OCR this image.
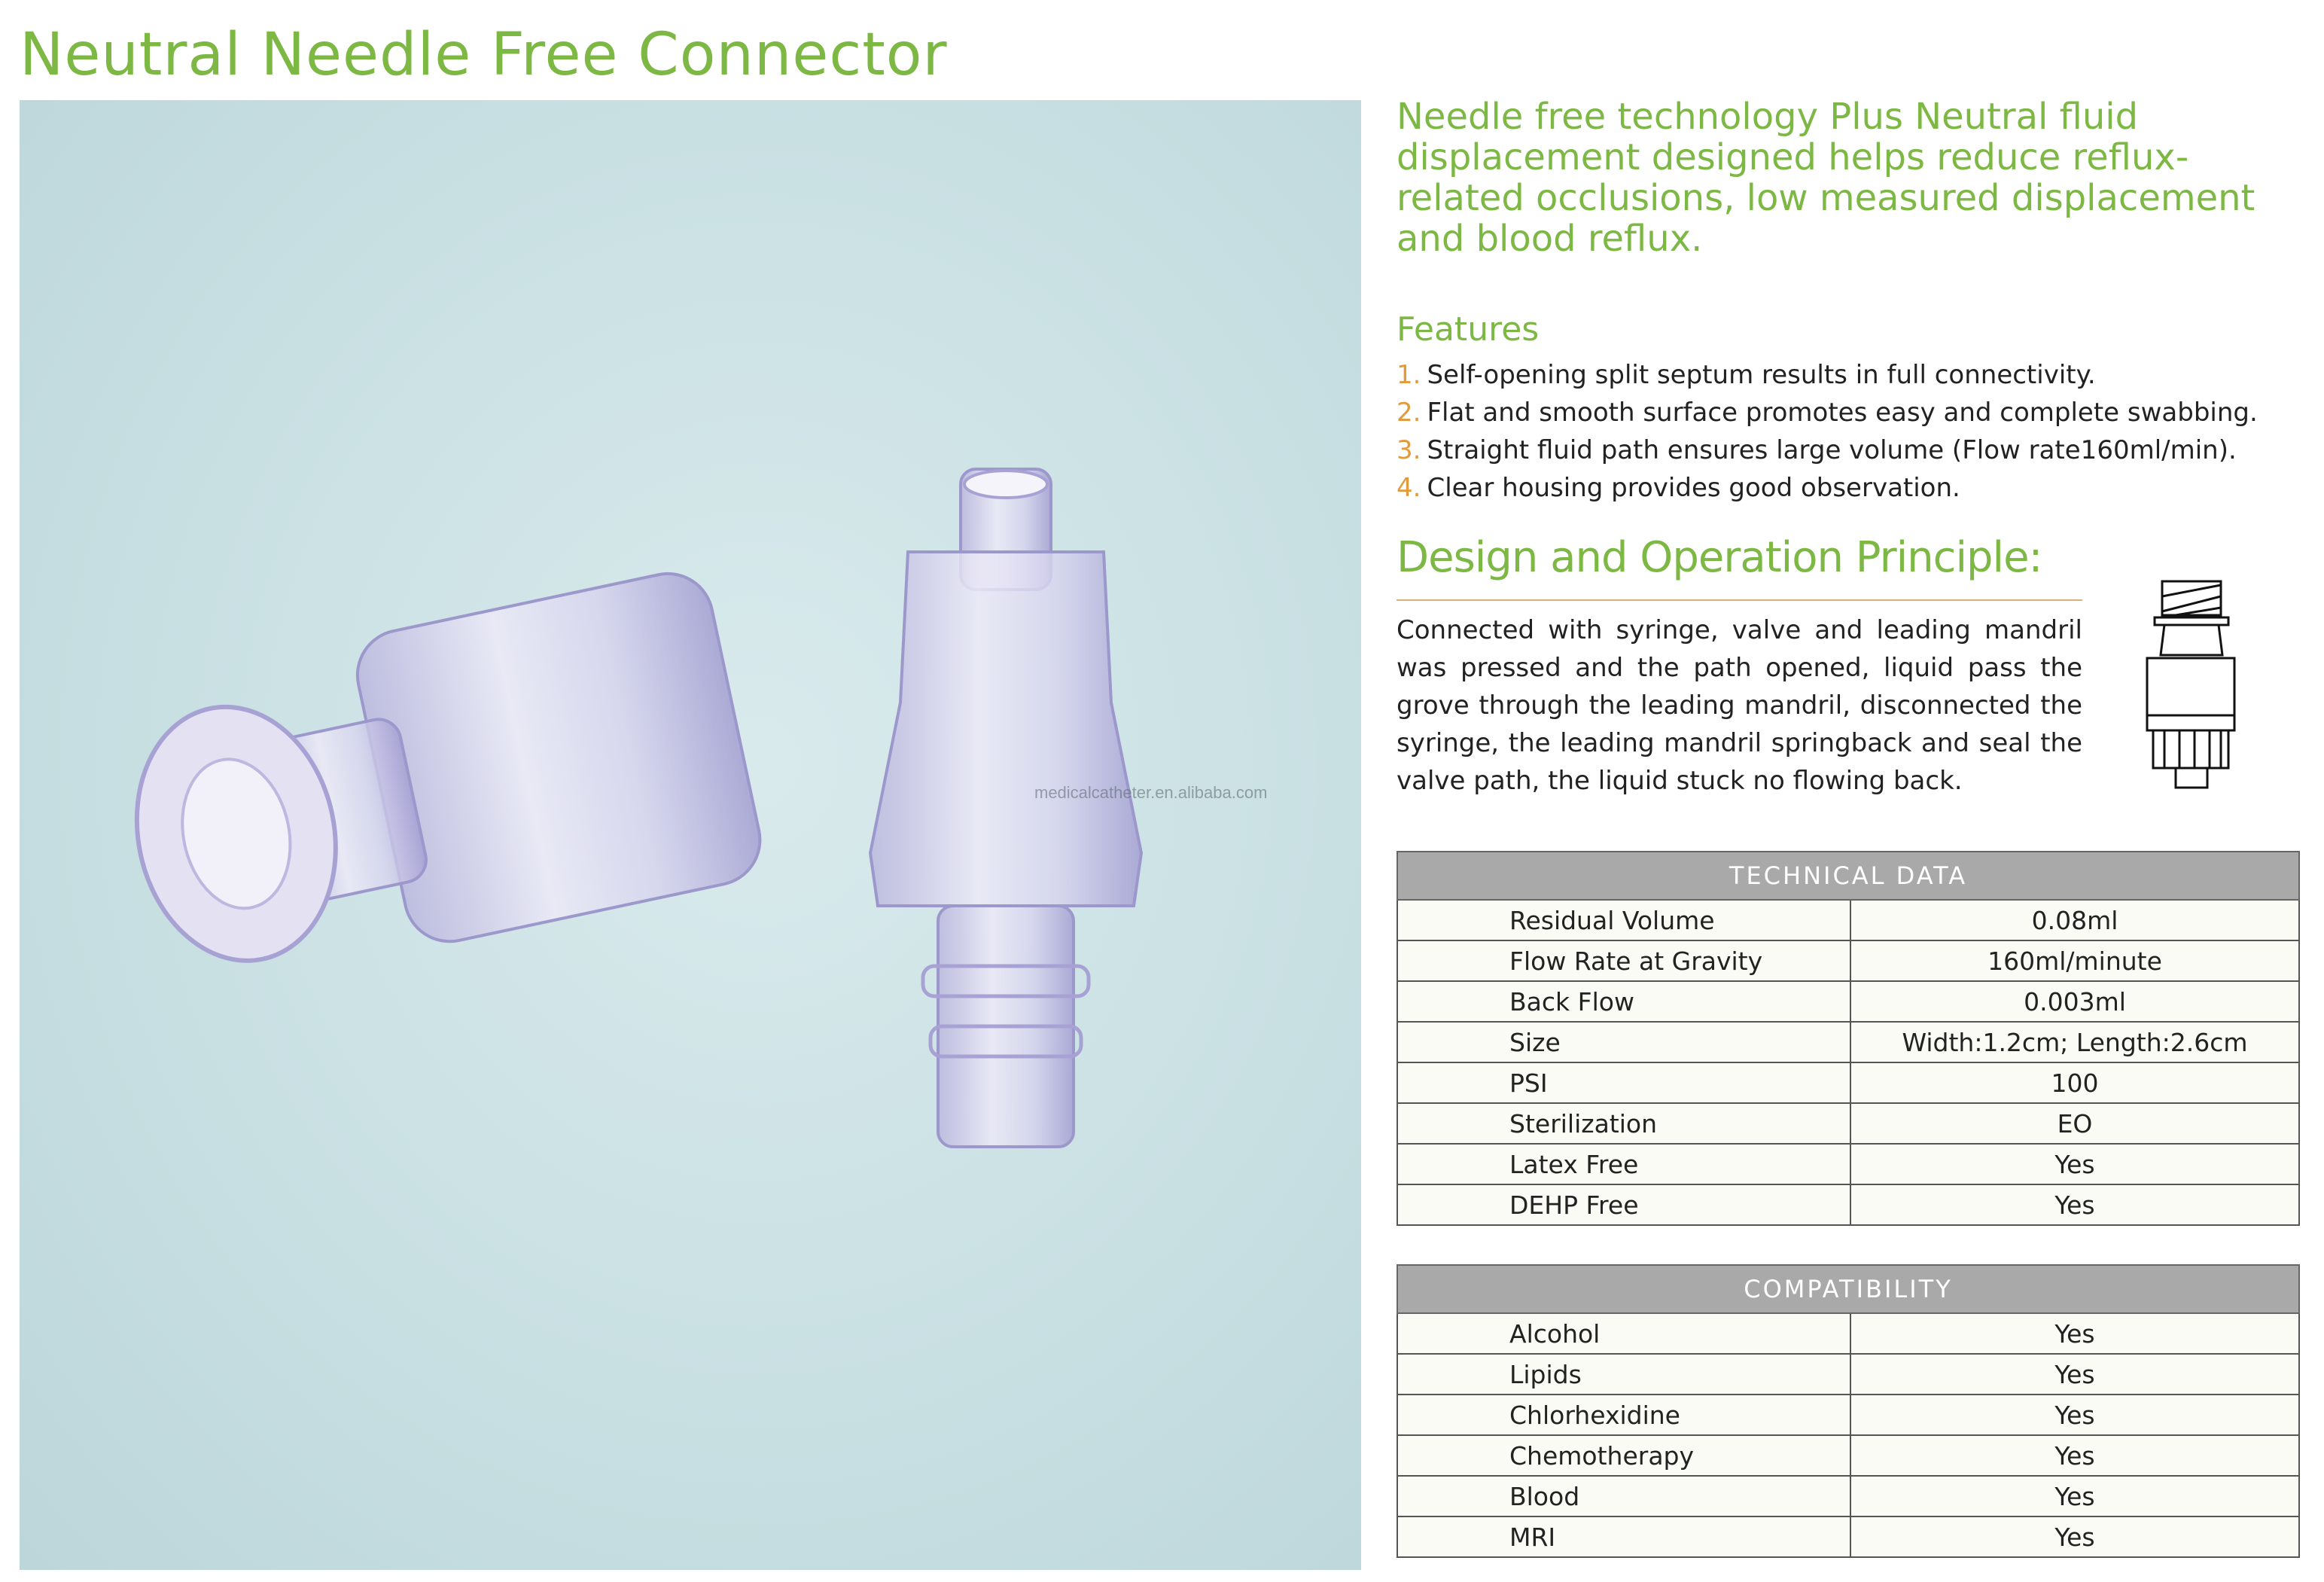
Neutral Needle Free Connector
medicalcatheter.en.alibaba.com

Needle free technology Plus Neutral fluid displacement designed helps reduce reflux-related occlusions, low measured displacement and blood reflux.

Features
1. Self-opening split septum results in full connectivity.
2. Flat and smooth surface promotes easy and complete swabbing.
3. Straight fluid path ensures large volume (Flow rate160ml/min).
4. Clear housing provides good observation.
Design and Operation Principle:

Connected with syringe, valve and leading mandril was pressed and the path opened, liquid pass the grove through the leading mandril, disconnected the syringe, the leading mandril springback and seal the valve path, the liquid stuck no flowing back.

TECHNICAL DATA	
Residual Volume	0.08ml
Flow Rate at Gravity	160ml/minute
Back Flow	0.003ml
Size	Width:1.2cm; Length:2.6cm
PSI	100
Sterilization	EO
Latex Free	Yes
DEHP Free	Yes
COMPATIBILITY	
Alcohol	Yes
Lipids	Yes
Chlorhexidine	Yes
Chemotherapy	Yes
Blood	Yes
MRI	Yes
